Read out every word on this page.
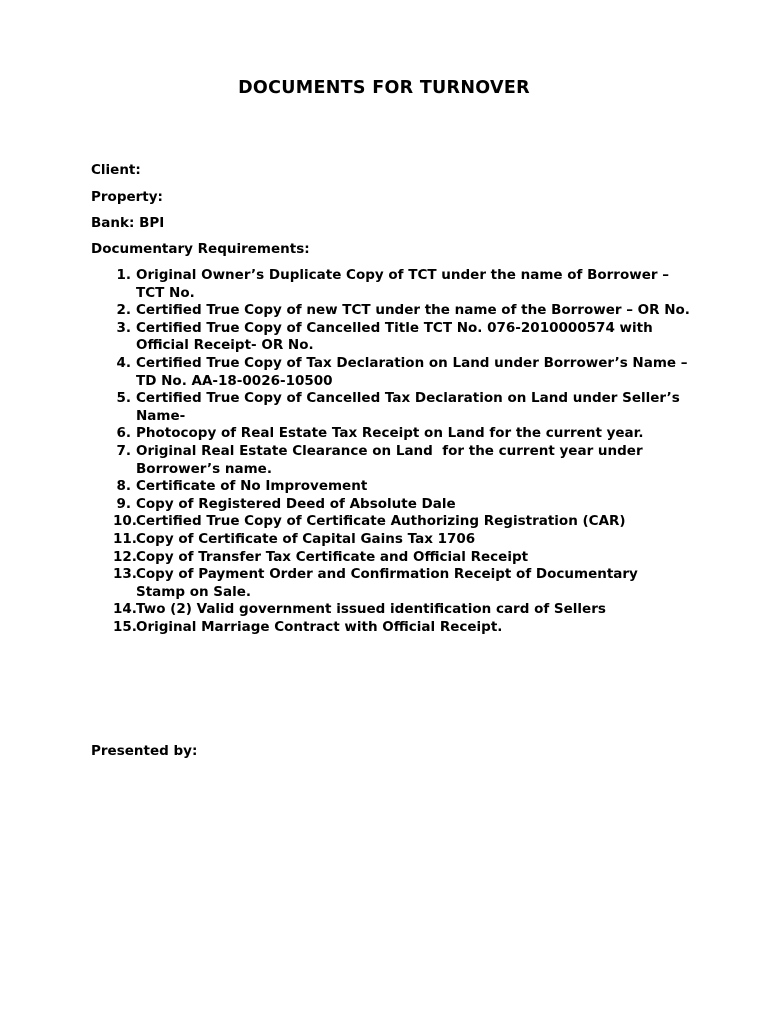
DOCUMENTS FOR TURNOVER
Client:
Property:
Bank: BPI
Documentary Requirements:
1. Original Owner’s Duplicate Copy of TCT under the name of Borrower – TCT No.
2. Certified True Copy of new TCT under the name of the Borrower – OR No.
3. Certified True Copy of Cancelled Title TCT No. 076-2010000574 with Official Receipt- OR No.
4. Certified True Copy of Tax Declaration on Land under Borrower’s Name – TD No. AA-18-0026-10500
5. Certified True Copy of Cancelled Tax Declaration on Land under Seller’s Name-
6. Photocopy of Real Estate Tax Receipt on Land for the current year.
7. Original Real Estate Clearance on Land  for the current year under Borrower’s name.
8. Certificate of No Improvement
9. Copy of Registered Deed of Absolute Dale
10. Certified True Copy of Certificate Authorizing Registration (CAR)
11. Copy of Certificate of Capital Gains Tax 1706
12. Copy of Transfer Tax Certificate and Official Receipt
13. Copy of Payment Order and Confirmation Receipt of Documentary Stamp on Sale.
14. Two (2) Valid government issued identification card of Sellers
15. Original Marriage Contract with Official Receipt.
Presented by:
